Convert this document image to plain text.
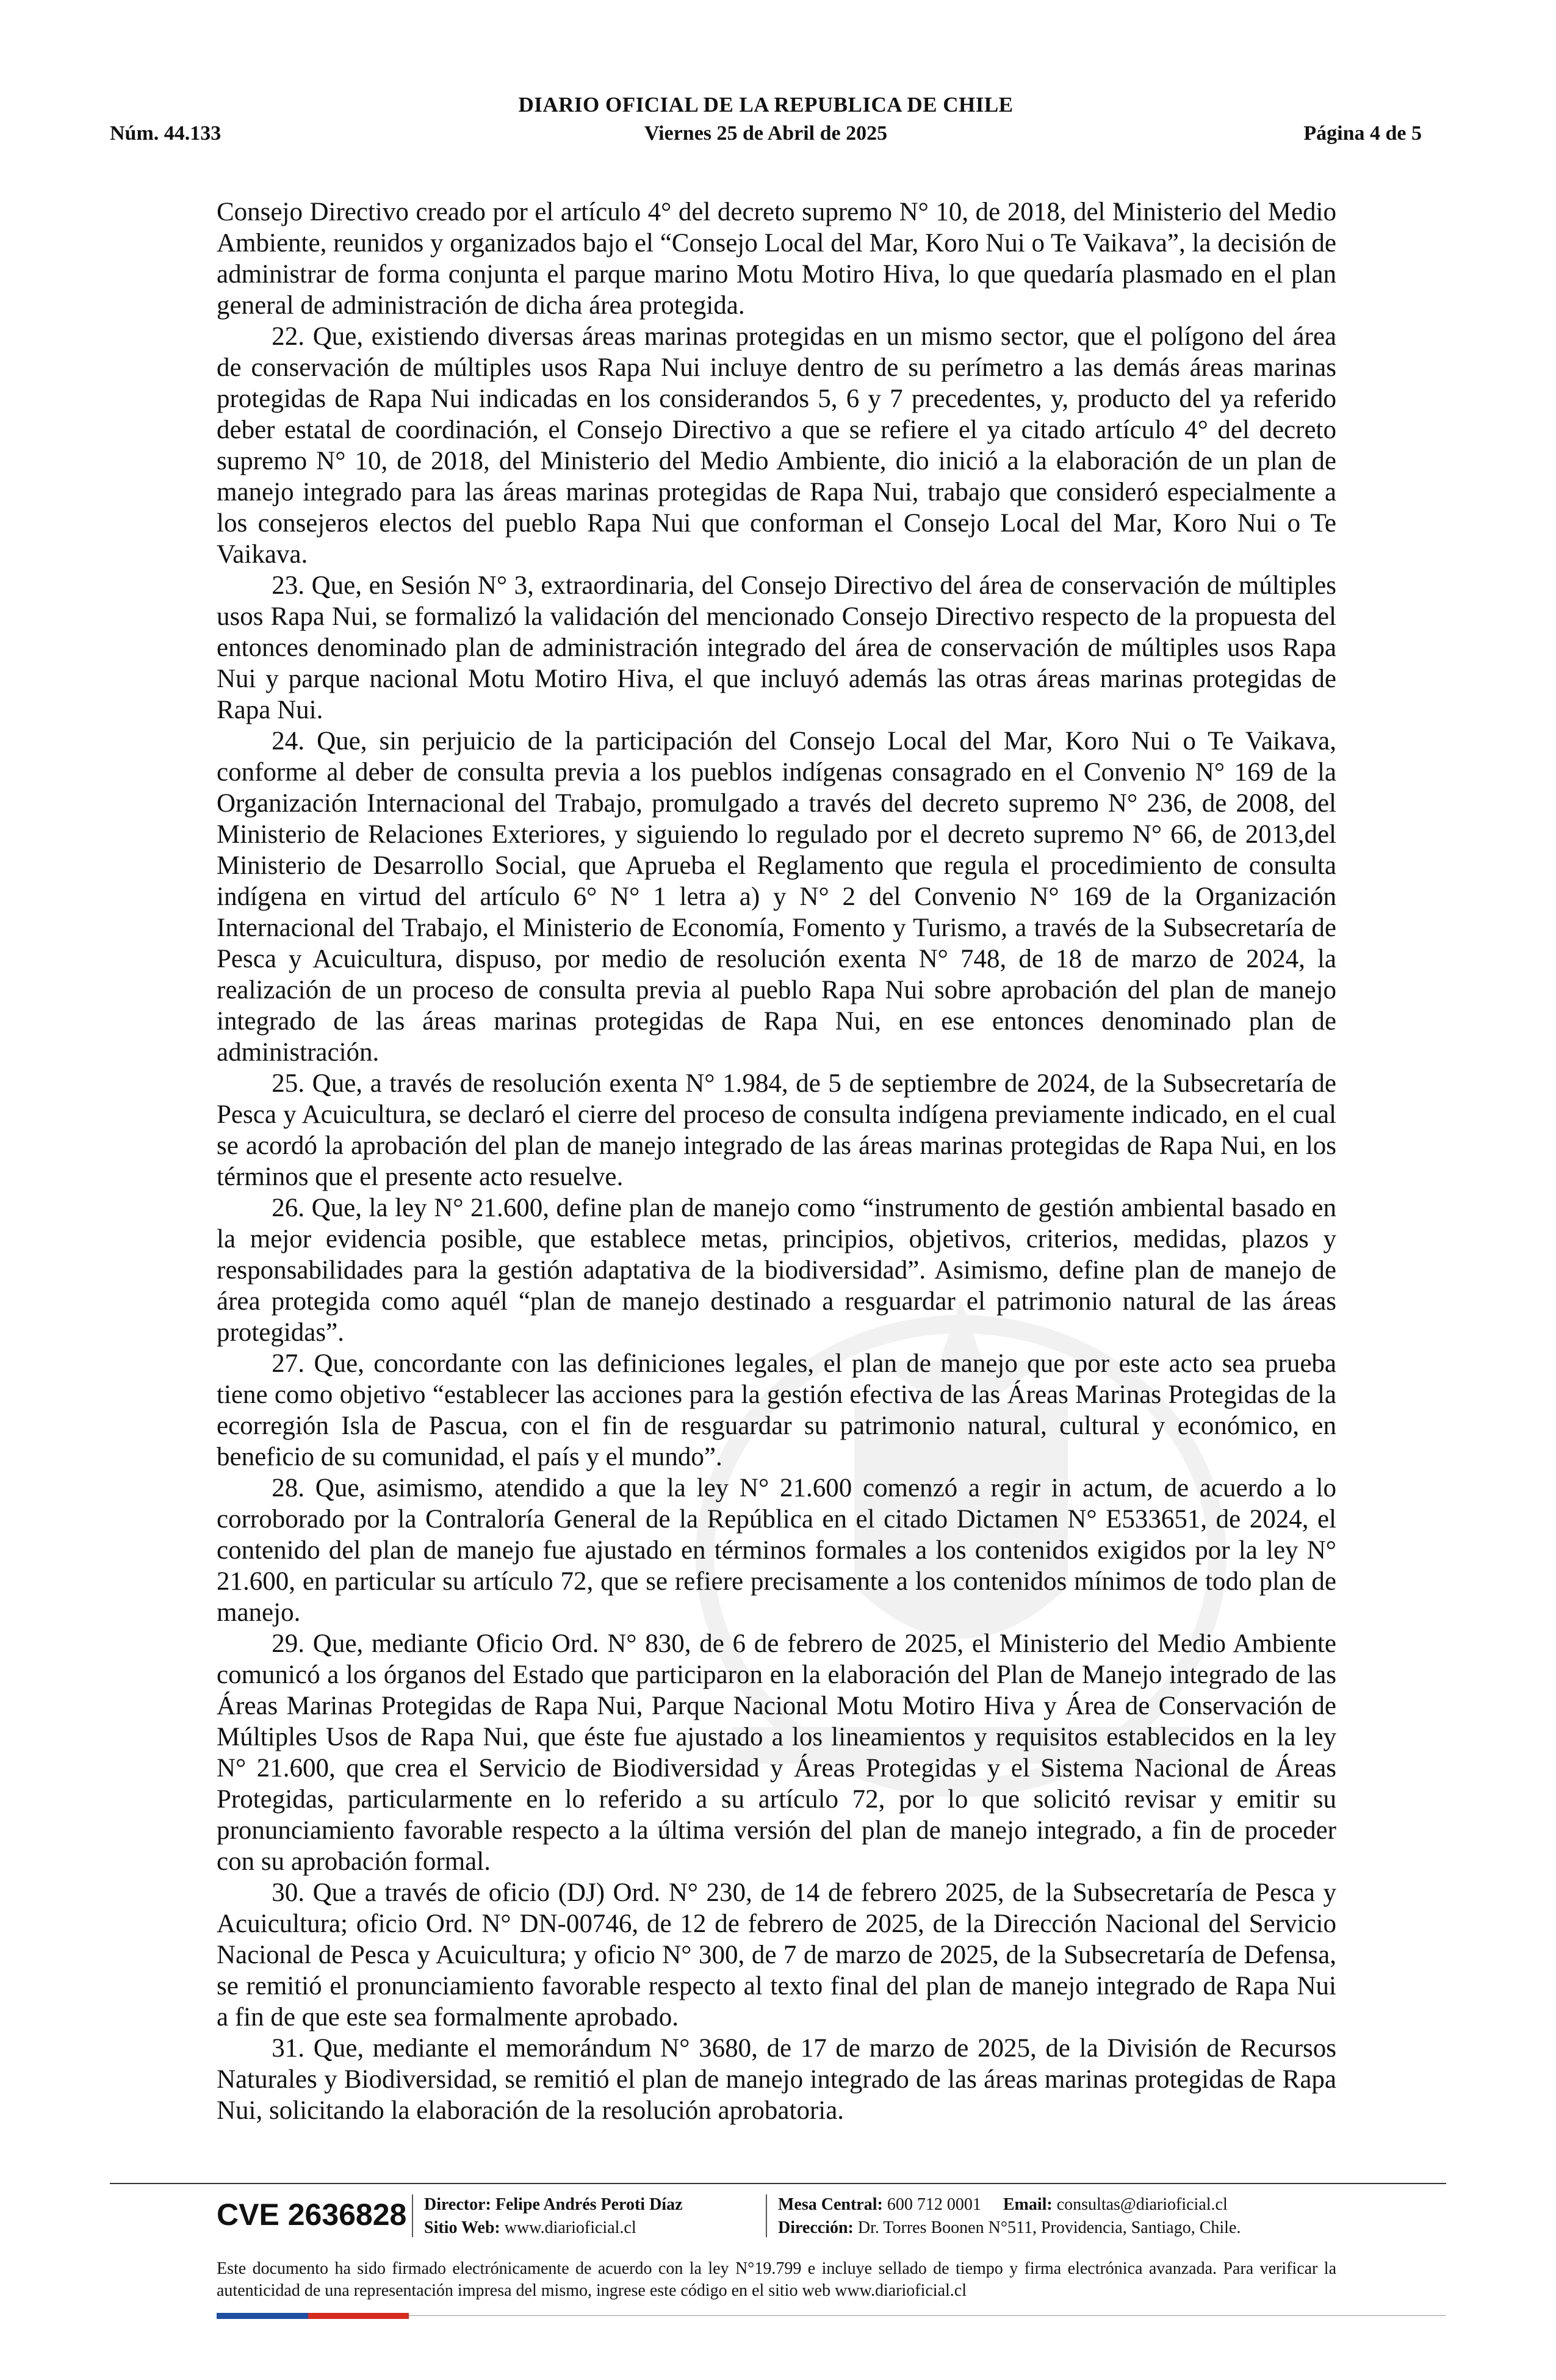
DIARIO OFICIAL DE LA REPUBLICA DE CHILE
Núm. 44.133	Viernes 25 de Abril de 2025	Página 4 de 5

Consejo Directivo creado por el artículo 4° del decreto supremo N° 10, de 2018, del Ministerio del Medio Ambiente, reunidos y organizados bajo el “Consejo Local del Mar, Koro Nui o Te Vaikava”, la decisión de administrar de forma conjunta el parque marino Motu Motiro Hiva, lo que quedaría plasmado en el plan general de administración de dicha área protegida.

22. Que, existiendo diversas áreas marinas protegidas en un mismo sector, que el polígono del área de conservación de múltiples usos Rapa Nui incluye dentro de su perímetro a las demás áreas marinas protegidas de Rapa Nui indicadas en los considerandos 5, 6 y 7 precedentes, y, producto del ya referido deber estatal de coordinación, el Consejo Directivo a que se refiere el ya citado artículo 4° del decreto supremo N° 10, de 2018, del Ministerio del Medio Ambiente, dio inició a la elaboración de un plan de manejo integrado para las áreas marinas protegidas de Rapa Nui, trabajo que consideró especialmente a los consejeros electos del pueblo Rapa Nui que conforman el Consejo Local del Mar, Koro Nui o Te Vaikava.

23. Que, en Sesión N° 3, extraordinaria, del Consejo Directivo del área de conservación de múltiples usos Rapa Nui, se formalizó la validación del mencionado Consejo Directivo respecto de la propuesta del entonces denominado plan de administración integrado del área de conservación de múltiples usos Rapa Nui y parque nacional Motu Motiro Hiva, el que incluyó además las otras áreas marinas protegidas de Rapa Nui.

24. Que, sin perjuicio de la participación del Consejo Local del Mar, Koro Nui o Te Vaikava, conforme al deber de consulta previa a los pueblos indígenas consagrado en el Convenio N° 169 de la Organización Internacional del Trabajo, promulgado a través del decreto supremo N° 236, de 2008, del Ministerio de Relaciones Exteriores, y siguiendo lo regulado por el decreto supremo N° 66, de 2013,del Ministerio de Desarrollo Social, que Aprueba el Reglamento que regula el procedimiento de consulta indígena en virtud del artículo 6° N° 1 letra a) y N° 2 del Convenio N° 169 de la Organización Internacional del Trabajo, el Ministerio de Economía, Fomento y Turismo, a través de la Subsecretaría de Pesca y Acuicultura, dispuso, por medio de resolución exenta N° 748, de 18 de marzo de 2024, la realización de un proceso de consulta previa al pueblo Rapa Nui sobre aprobación del plan de manejo integrado de las áreas marinas protegidas de Rapa Nui, en ese entonces denominado plan de administración.

25. Que, a través de resolución exenta N° 1.984, de 5 de septiembre de 2024, de la Subsecretaría de Pesca y Acuicultura, se declaró el cierre del proceso de consulta indígena previamente indicado, en el cual se acordó la aprobación del plan de manejo integrado de las áreas marinas protegidas de Rapa Nui, en los términos que el presente acto resuelve.

26. Que, la ley N° 21.600, define plan de manejo como “instrumento de gestión ambiental basado en la mejor evidencia posible, que establece metas, principios, objetivos, criterios, medidas, plazos y responsabilidades para la gestión adaptativa de la biodiversidad”. Asimismo, define plan de manejo de área protegida como aquél “plan de manejo destinado a resguardar el patrimonio natural de las áreas protegidas”.

27. Que, concordante con las definiciones legales, el plan de manejo que por este acto sea prueba tiene como objetivo “establecer las acciones para la gestión efectiva de las Áreas Marinas Protegidas de la ecorregión Isla de Pascua, con el fin de resguardar su patrimonio natural, cultural y económico, en beneficio de su comunidad, el país y el mundo”.

28. Que, asimismo, atendido a que la ley N° 21.600 comenzó a regir in actum, de acuerdo a lo corroborado por la Contraloría General de la República en el citado Dictamen N° E533651, de 2024, el contenido del plan de manejo fue ajustado en términos formales a los contenidos exigidos por la ley N° 21.600, en particular su artículo 72, que se refiere precisamente a los contenidos mínimos de todo plan de manejo.

29. Que, mediante Oficio Ord. N° 830, de 6 de febrero de 2025, el Ministerio del Medio Ambiente comunicó a los órganos del Estado que participaron en la elaboración del Plan de Manejo integrado de las Áreas Marinas Protegidas de Rapa Nui, Parque Nacional Motu Motiro Hiva y Área de Conservación de Múltiples Usos de Rapa Nui, que éste fue ajustado a los lineamientos y requisitos establecidos en la ley N° 21.600, que crea el Servicio de Biodiversidad y Áreas Protegidas y el Sistema Nacional de Áreas Protegidas, particularmente en lo referido a su artículo 72, por lo que solicitó revisar y emitir su pronunciamiento favorable respecto a la última versión del plan de manejo integrado, a fin de proceder con su aprobación formal.

30. Que a través de oficio (DJ) Ord. N° 230, de 14 de febrero 2025, de la Subsecretaría de Pesca y Acuicultura; oficio Ord. N° DN-00746, de 12 de febrero de 2025, de la Dirección Nacional del Servicio Nacional de Pesca y Acuicultura; y oficio N° 300, de 7 de marzo de 2025, de la Subsecretaría de Defensa, se remitió el pronunciamiento favorable respecto al texto final del plan de manejo integrado de Rapa Nui a fin de que este sea formalmente aprobado.

31. Que, mediante el memorándum N° 3680, de 17 de marzo de 2025, de la División de Recursos Naturales y Biodiversidad, se remitió el plan de manejo integrado de las áreas marinas protegidas de Rapa Nui, solicitando la elaboración de la resolución aprobatoria.

CVE 2636828 Director: Felipe Andrés Peroti Díaz
Sitio Web: www.diarioficial.cl
Mesa Central: 600 712 0001 Email: consultas@diarioficial.cl
Dirección: Dr. Torres Boonen N°511, Providencia, Santiago, Chile.
Este documento ha sido firmado electrónicamente de acuerdo con la ley N°19.799 e incluye sellado de tiempo y firma electrónica avanzada. Para verificar la autenticidad de una representación impresa del mismo, ingrese este código en el sitio web www.diarioficial.cl
